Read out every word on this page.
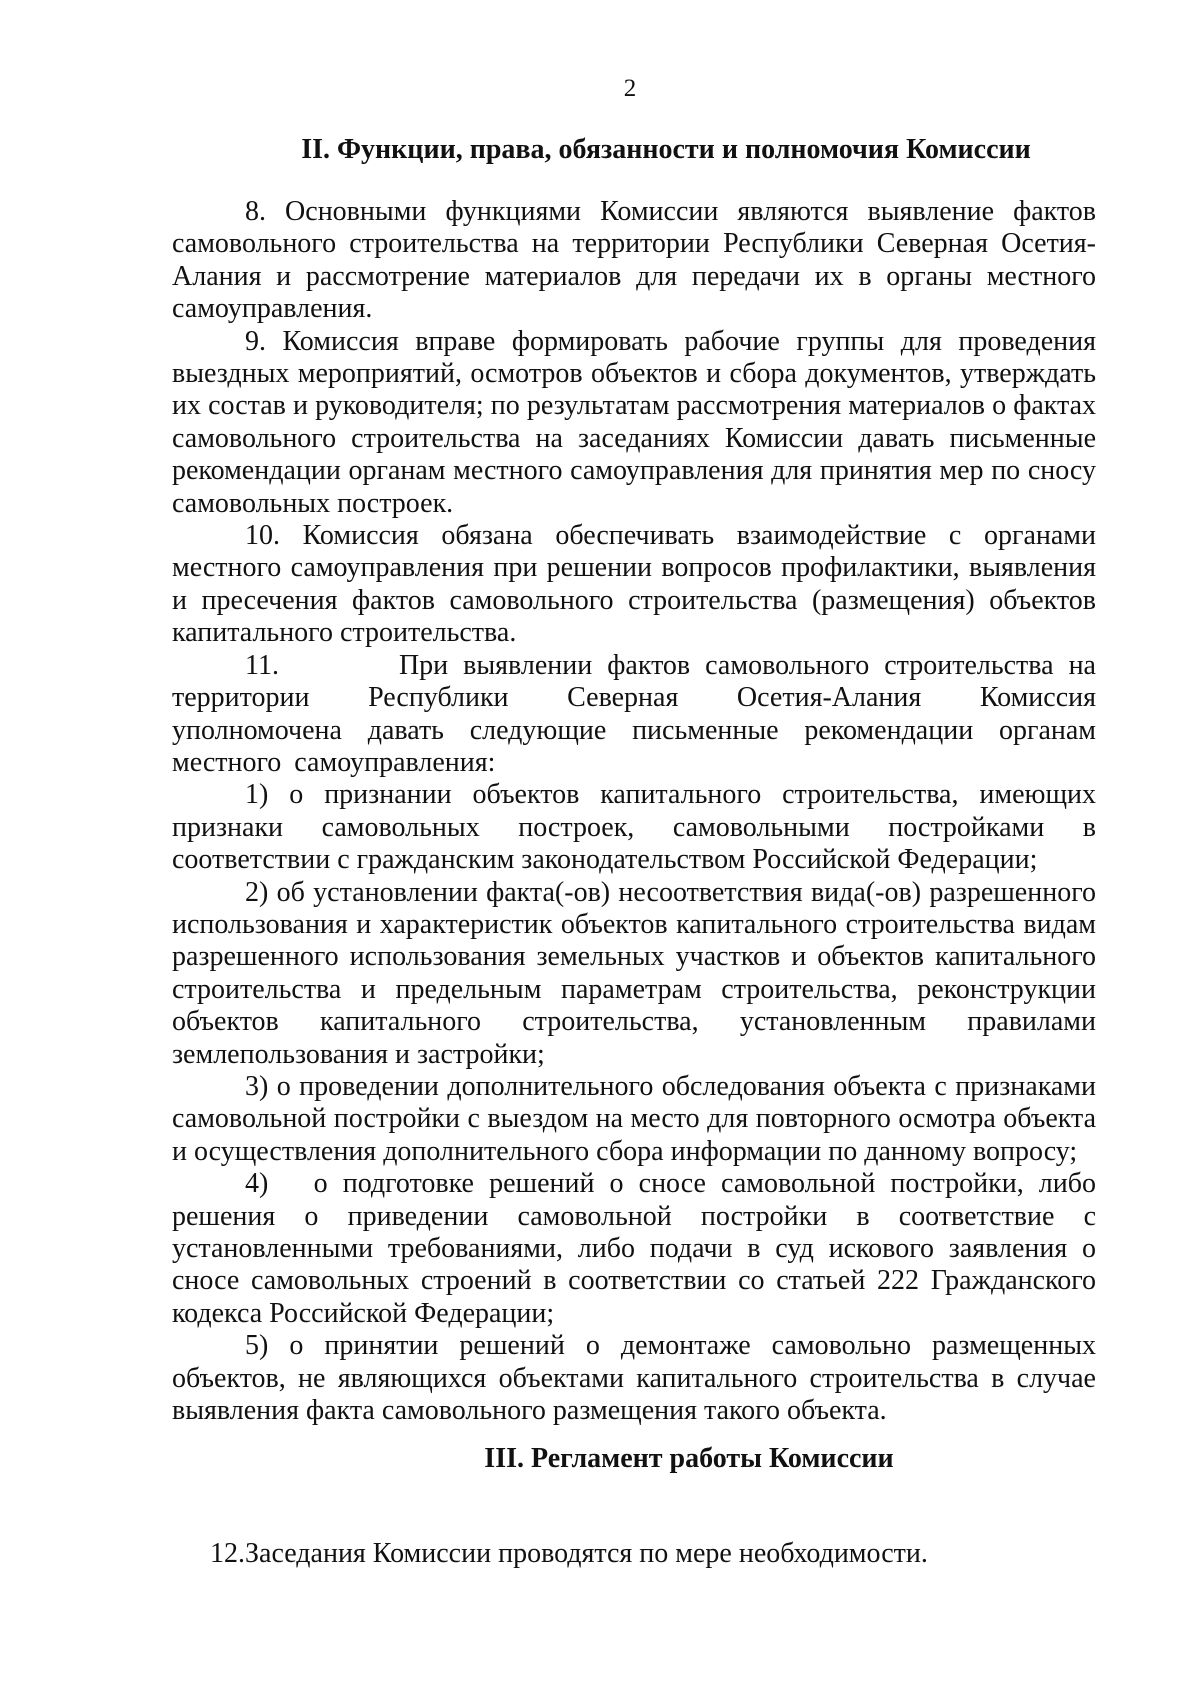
2
II. Функции, права, обязанности и полномочия Комиссии

8. Основными функциями Комиссии являются выявление фактов самовольного строительства на территории Республики Северная Осетия-Алания и рассмотрение материалов для передачи их в органы местного самоуправления.

9. Комиссия вправе формировать рабочие группы для проведения выездных мероприятий, осмотров объектов и сбора документов, утверждать их состав и руководителя; по результатам рассмотрения материалов о фактах самовольного строительства на заседаниях Комиссии давать письменные рекомендации органам местного самоуправления для принятия мер по сносу самовольных построек.

10. Комиссия обязана обеспечивать взаимодействие с органами местного самоуправления при решении вопросов профилактики, выявления и пресечения фактов самовольного строительства (размещения) объектов капитального строительства.

11.        При выявлении фактов самовольного строительства на территории Республики Северная Осетия-Алания Комиссия уполномочена давать следующие письменные рекомендации органам местного самоуправления:

1) о признании объектов капитального строительства, имеющих признаки самовольных построек, самовольными постройками в соответствии с гражданским законодательством Российской Федерации;

2) об установлении факта(-ов) несоответствия вида(-ов) разрешенного использования и характеристик объектов капитального строительства видам разрешенного использования земельных участков и объектов капитального строительства и предельным параметрам строительства, реконструкции объектов капитального строительства, установленным правилами землепользования и застройки;

3) о проведении дополнительного обследования объекта с признаками самовольной постройки с выездом на место для повторного осмотра объекта и осуществления дополнительного сбора информации по данному вопросу;

4)   о подготовке решений о сносе самовольной постройки, либо решения о приведении самовольной постройки в соответствие с установленными требованиями, либо подачи в суд искового заявления о сносе самовольных строений в соответствии со статьей 222 Гражданского кодекса Российской Федерации;

5) о принятии решений о демонтаже самовольно размещенных объектов, не являющихся объектами капитального строительства в случае выявления факта самовольного размещения такого объекта.

III. Регламент работы Комиссии
12.Заседания Комиссии проводятся по мере необходимости.
